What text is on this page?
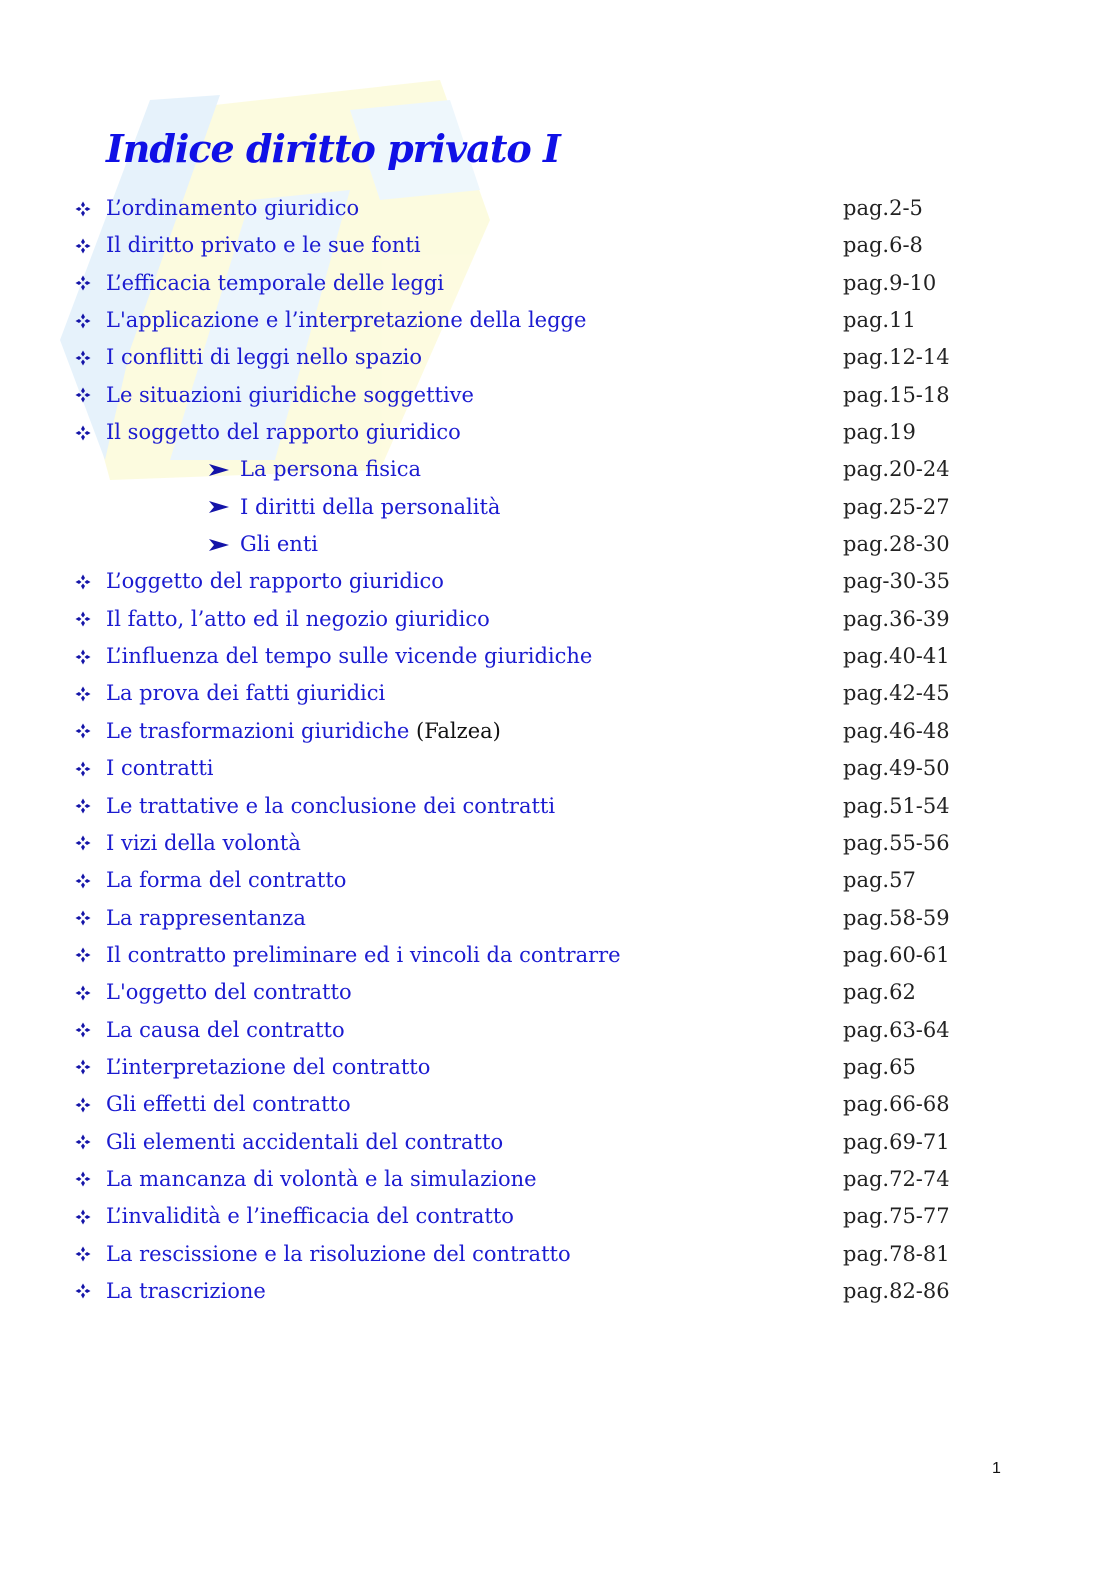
Indice diritto privato I
L’ordinamento giuridico	pag.2-5
Il diritto privato e le sue fonti	pag.6-8
L’efficacia temporale delle leggi	pag.9-10
L'applicazione e l’interpretazione della legge	pag.11
I conflitti di leggi nello spazio	pag.12-14
Le situazioni giuridiche soggettive	pag.15-18
Il soggetto del rapporto giuridico	pag.19
La persona fisica	pag.20-24
I diritti della personalità	pag.25-27
Gli enti	pag.28-30
L’oggetto del rapporto giuridico	pag-30-35
Il fatto, l’atto ed il negozio giuridico	pag.36-39
L’influenza del tempo sulle vicende giuridiche	pag.40-41
La prova dei fatti giuridici	pag.42-45
Le trasformazioni giuridiche (Falzea)	pag.46-48
I contratti	pag.49-50
Le trattative e la conclusione dei contratti	pag.51-54
I vizi della volontà	pag.55-56
La forma del contratto	pag.57
La rappresentanza	pag.58-59
Il contratto preliminare ed i vincoli da contrarre	pag.60-61
L'oggetto del contratto	pag.62
La causa del contratto	pag.63-64
L’interpretazione del contratto	pag.65
Gli effetti del contratto	pag.66-68
Gli elementi accidentali del contratto	pag.69-71
La mancanza di volontà e la simulazione	pag.72-74
L’invalidità e l’inefficacia del contratto	pag.75-77
La rescissione e la risoluzione del contratto	pag.78-81
La trascrizione	pag.82-86
1
